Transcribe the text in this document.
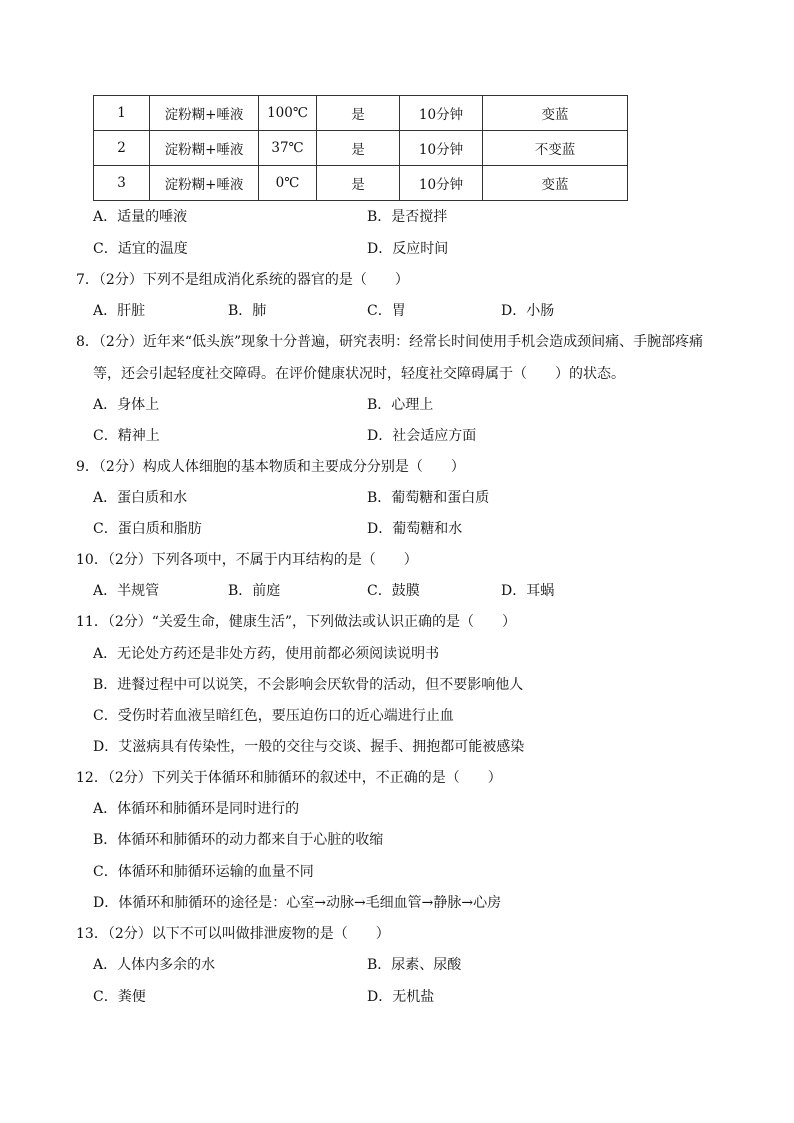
1	淀粉糊+唾液	100℃	是	10分钟	变蓝
2	淀粉糊+唾液	37℃	是	10分钟	不变蓝
3	淀粉糊+唾液	0℃	是	10分钟	变蓝
A．适量的唾液	B．是否搅拌
C．适宜的温度	D．反应时间
7．（2分）下列不是组成消化系统的器官的是（　　）
A．肝脏	B．肺	C．胃	D．小肠
8．（2分）近年来“低头族”现象十分普遍，研究表明：经常长时间使用手机会造成颈间痛、手腕部疼痛
等，还会引起轻度社交障碍。在评价健康状况时，轻度社交障碍属于（　　）的状态。
A．身体上	B．心理上
C．精神上	D．社会适应方面
9．（2分）构成人体细胞的基本物质和主要成分分别是（　　）
A．蛋白质和水	B．葡萄糖和蛋白质
C．蛋白质和脂肪	D．葡萄糖和水
10．（2分）下列各项中，不属于内耳结构的是（　　）
A．半规管	B．前庭	C．鼓膜	D．耳蜗
11．（2分）“关爱生命，健康生活”，下列做法或认识正确的是（　　）
A．无论处方药还是非处方药，使用前都必须阅读说明书
B．进餐过程中可以说笑，不会影响会厌软骨的活动，但不要影响他人
C．受伤时若血液呈暗红色，要压迫伤口的近心端进行止血
D．艾滋病具有传染性，一般的交往与交谈、握手、拥抱都可能被感染
12．（2分）下列关于体循环和肺循环的叙述中，不正确的是（　　）
A．体循环和肺循环是同时进行的
B．体循环和肺循环的动力都来自于心脏的收缩
C．体循环和肺循环运输的血量不同
D．体循环和肺循环的途径是：心室→动脉→毛细血管→静脉→心房
13．（2分）以下不可以叫做排泄废物的是（　　）
A．人体内多余的水	B．尿素、尿酸
C．粪便	D．无机盐
